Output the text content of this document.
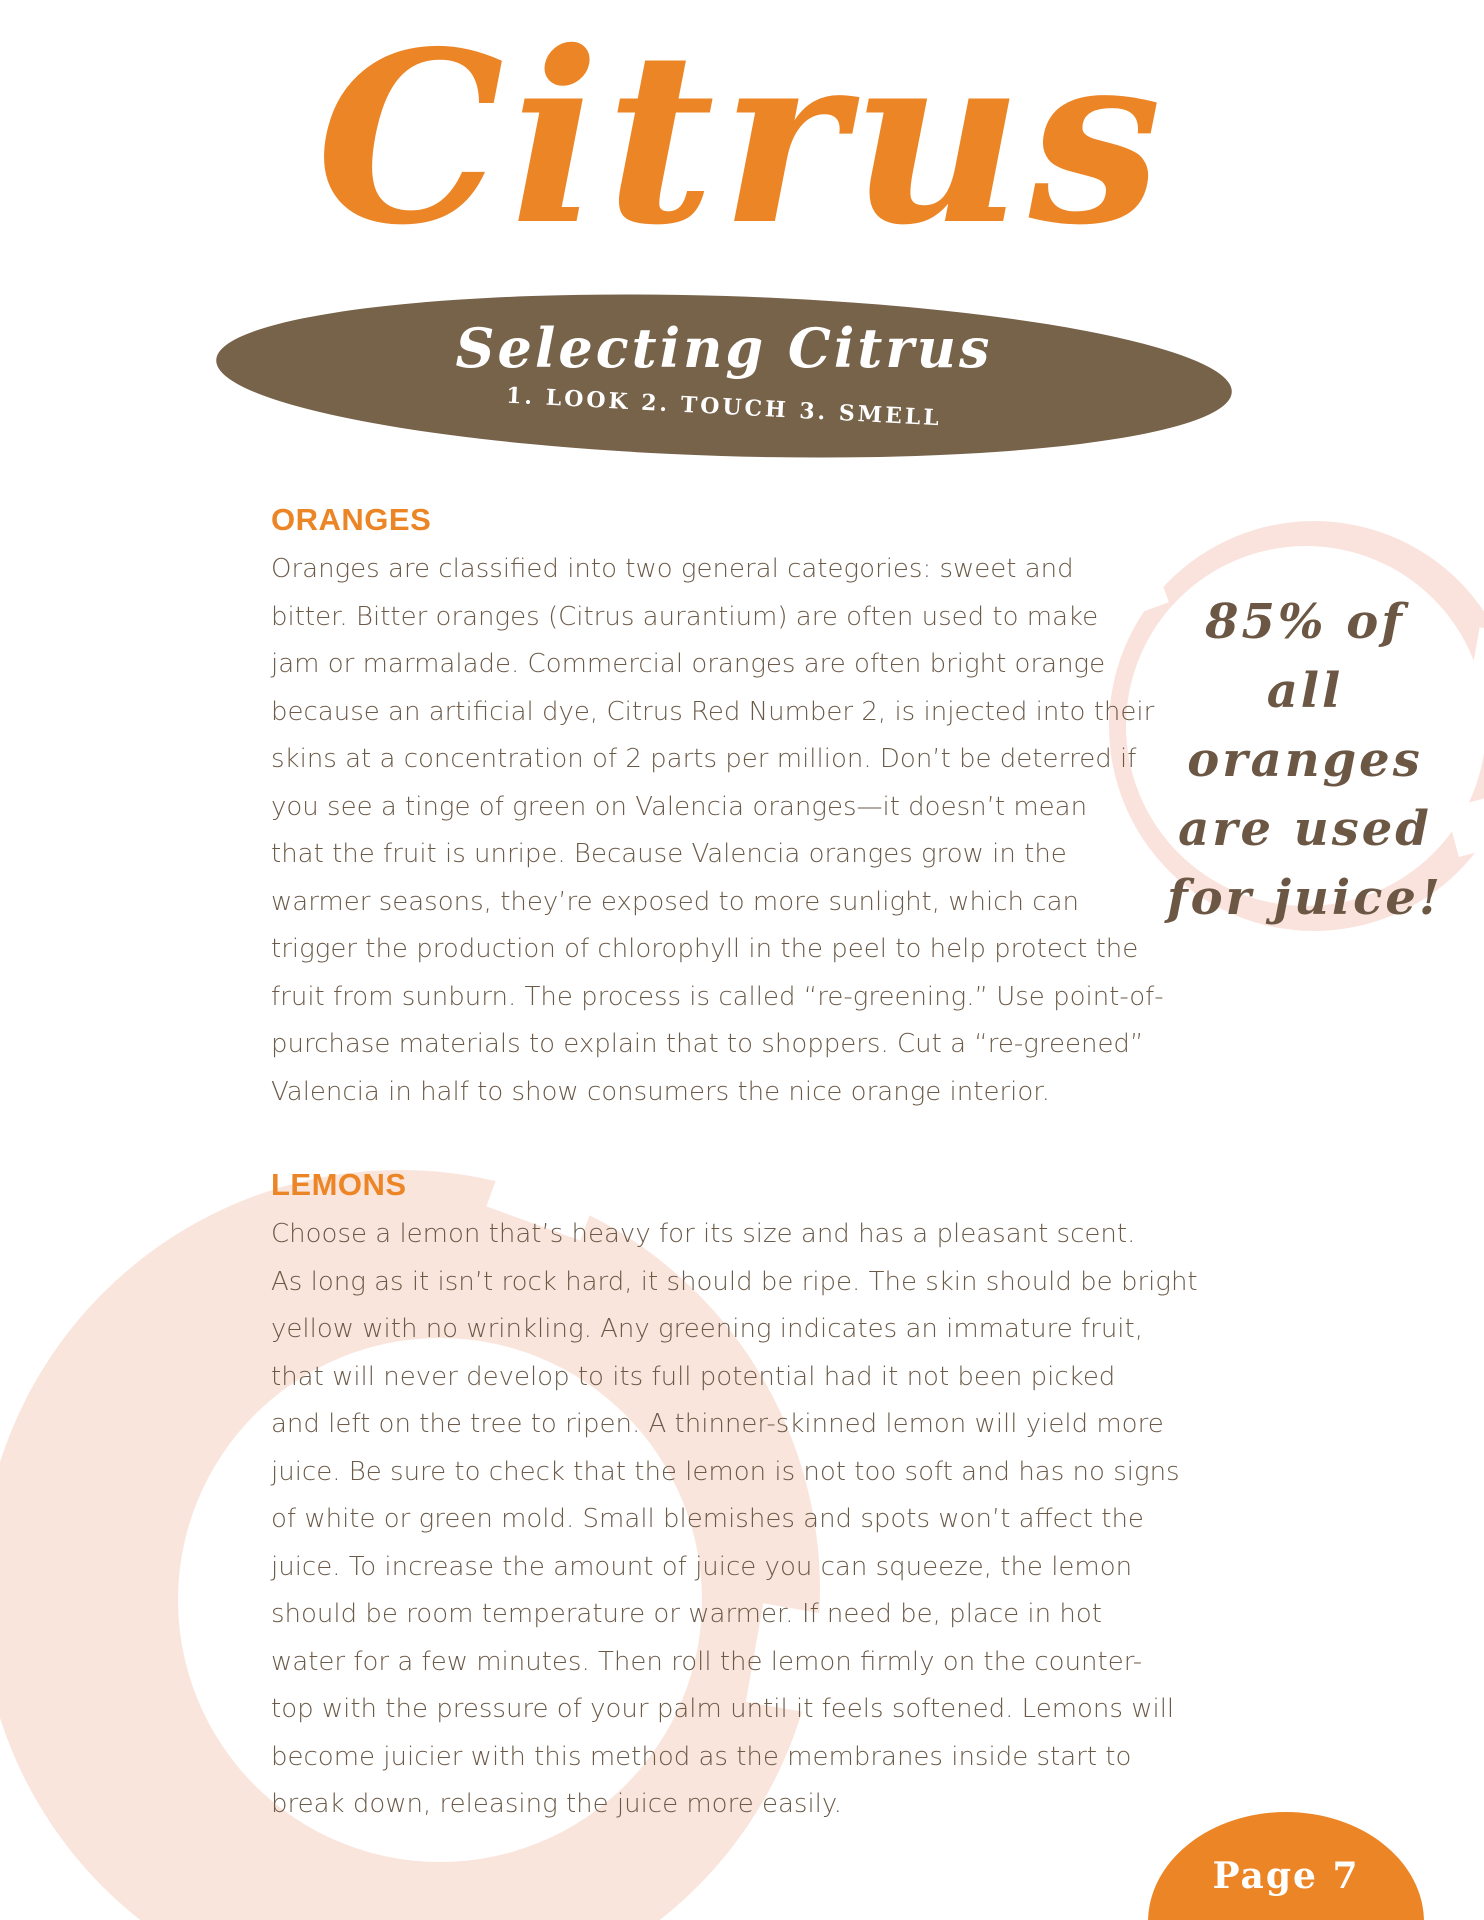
Citrus
Selecting Citrus
1. LOOK 2. TOUCH 3. SMELL
ORANGES
Oranges are classified into two general categories: sweet and
bitter. Bitter oranges (Citrus aurantium) are often used to make
jam or marmalade. Commercial oranges are often bright orange
because an artificial dye, Citrus Red Number 2, is injected into their
skins at a concentration of 2 parts per million. Don’t be deterred if
you see a tinge of green on Valencia oranges—it doesn’t mean
that the fruit is unripe. Because Valencia oranges grow in the
warmer seasons, they’re exposed to more sunlight, which can
trigger the production of chlorophyll in the peel to help protect the
fruit from sunburn. The process is called “re-greening.” Use point-of-
purchase materials to explain that to shoppers. Cut a “re-greened”
Valencia in half to show consumers the nice orange interior.
LEMONS
Choose a lemon that’s heavy for its size and has a pleasant scent.
As long as it isn’t rock hard, it should be ripe. The skin should be bright
yellow with no wrinkling. Any greening indicates an immature fruit,
that will never develop to its full potential had it not been picked
and left on the tree to ripen. A thinner-skinned lemon will yield more
juice. Be sure to check that the lemon is not too soft and has no signs
of white or green mold. Small blemishes and spots won’t affect the
juice. To increase the amount of juice you can squeeze, the lemon
should be room temperature or warmer. If need be, place in hot
water for a few minutes. Then roll the lemon firmly on the counter-
top with the pressure of your palm until it feels softened. Lemons will
become juicier with this method as the membranes inside start to
break down, releasing the juice more easily.
85% of all
oranges
are used
for juice!
Page 7
